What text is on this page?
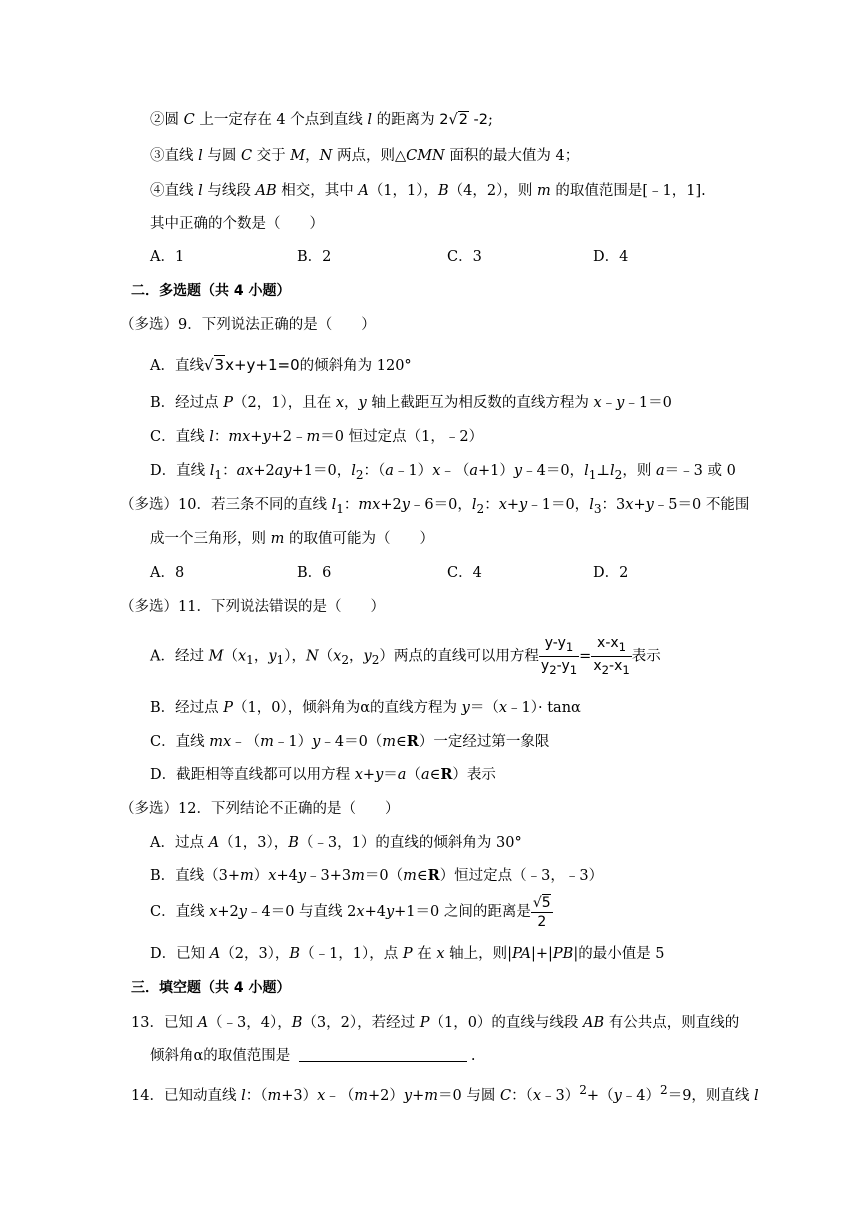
②圆 C 上一定存在 4 个点到直线 l 的距离为 2√2 -2;
③直线 l 与圆 C 交于 M，N 两点，则△CMN 面积的最大值为 4；
④直线 l 与线段 AB 相交，其中 A（1，1），B（4，2），则 m 的取值范围是[﹣1，1].
其中正确的个数是（　　）
A．1	B．2	C．3	D．4
二．多选题（共 4 小题）
（多选）9．下列说法正确的是（　　）
A．直线√3x+y+1=0的倾斜角为 120°
B．经过点 P（2，1），且在 x，y 轴上截距互为相反数的直线方程为 x﹣y﹣1＝0
C．直线 l：mx+y+2﹣m＝0 恒过定点（1，﹣2）
D．直线 $l_1$：ax+2ay+1＝0，$l_2$：（a﹣1）x﹣（a+1）y﹣4＝0，$l_1\perp l_2$，则 a＝﹣3 或 0
（多选）10．若三条不同的直线 $l_1$：mx+2y﹣6＝0，$l_2$：x+y﹣1＝0，$l_3$：3x+y﹣5＝0 不能围
成一个三角形，则 m 的取值可能为（　　）
A．8	B．6	C．4	D．2
（多选）11．下列说法错误的是（　　）
A．经过 $M(x_1$，$y_1$），$N(x_2$，$y_2$）两点的直线可以用方程 $\frac{y-y_1}{y_2-y_1} = \frac{x-x_1}{x_2-x_1}$ 表示
B．经过点 P（1，0），倾斜角为α的直线方程为 y＝（x﹣1）· tanα
C．直线 mx﹣（m﹣1）y﹣4＝0（m∈R）一定经过第一象限
D．截距相等直线都可以用方程 x+y＝a（a∈R）表示
（多选）12．下列结论不正确的是（　　）
A．过点 A（1，3），B（﹣3，1）的直线的倾斜角为 30°
B．直线（3+m）x+4y﹣3+3m＝0（m∈R）恒过定点（﹣3，﹣3）
C．直线 x+2y﹣4＝0 与直线 2x+4y+1＝0 之间的距离是 $\frac{√5}{2}$
D．已知 A（2，3），B（﹣1，1），点 P 在 x 轴上，则|PA|+|PB|的最小值是 5
三．填空题（共 4 小题）
13．已知 A（﹣3，4），B（3，2），若经过 P（1，0）的直线与线段 AB 有公共点，则直线的
倾斜角α的取值范围是	.
14．已知动直线 l：（m+3）x﹣（m+2）y+m＝0 与圆 C：（x﹣3）$^2$+（y﹣4）$^2$＝9，则直线 l
